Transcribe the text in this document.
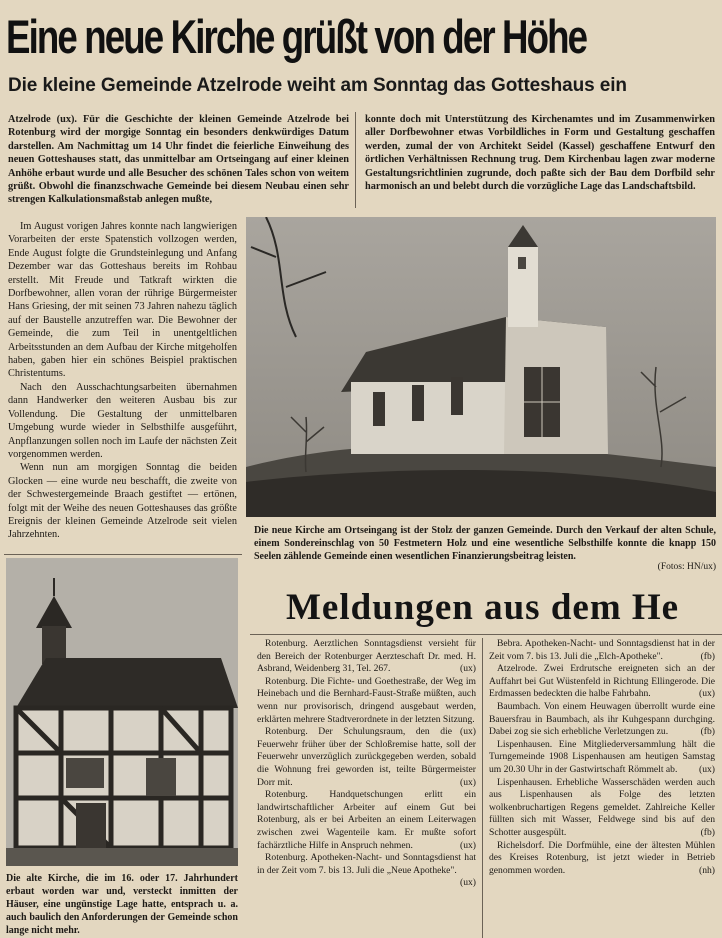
Eine neue Kirche grüßt von der Höhe
Die kleine Gemeinde Atzelrode weiht am Sonntag das Gotteshaus ein

Atzelrode (ux). Für die Geschichte der kleinen Gemeinde Atzelrode bei Rotenburg wird der morgige Sonntag ein besonders denkwürdiges Datum darstellen. Am Nachmittag um 14 Uhr findet die feierliche Einweihung des neuen Gotteshauses statt, das unmittelbar am Ortseingang auf einer kleinen Anhöhe erbaut wurde und alle Besucher des schönen Tales schon von weitem grüßt. Obwohl die finanzschwache Gemeinde bei diesem Neubau einen sehr strengen Kalkulationsmaßstab anlegen mußte,

konnte doch mit Unterstützung des Kirchenamtes und im Zusammenwirken aller Dorfbewohner etwas Vorbildliches in Form und Gestaltung geschaffen werden, zumal der von Architekt Seidel (Kassel) geschaffene Entwurf den örtlichen Verhältnissen Rechnung trug. Dem Kirchenbau lagen zwar moderne Gestaltungsrichtlinien zugrunde, doch paßte sich der Bau dem Dorfbild sehr harmonisch an und belebt durch die vorzügliche Lage das Landschaftsbild.

Im August vorigen Jahres konnte nach langwierigen Vorarbeiten der erste Spatenstich vollzogen werden, Ende August folgte die Grundsteinlegung und Anfang Dezember war das Gotteshaus bereits im Rohbau erstellt. Mit Freude und Tatkraft wirkten die Dorfbewohner, allen voran der rührige Bürgermeister Hans Griesing, der mit seinen 73 Jahren nahezu täglich auf der Baustelle anzutreffen war. Die Bewohner der Gemeinde, die zum Teil in unentgeltlichen Arbeitsstunden an dem Aufbau der Kirche mitgeholfen haben, gaben hier ein schönes Beispiel praktischen Christentums.

Nach den Ausschachtungsarbeiten übernahmen dann Handwerker den weiteren Ausbau bis zur Vollendung. Die Gestaltung der unmittelbaren Umgebung wurde wieder in Selbsthilfe ausgeführt, Anpflanzungen sollen noch im Laufe der nächsten Zeit vorgenommen werden.

Wenn nun am morgigen Sonntag die beiden Glocken — eine wurde neu beschafft, die zweite von der Schwestergemeinde Braach gestiftet — ertönen, folgt mit der Weihe des neuen Gotteshauses das größte Ereignis der kleinen Gemeinde Atzelrode seit vielen Jahrzehnten.	Die neue Kirche am Ortseingang ist der Stolz der ganzen Gemeinde. Durch den Verkauf der alten Schule, einem Sondereinschlag von 50 Festmetern Holz und eine wesentliche Selbsthilfe konnte die knapp 150 Seelen zählende Gemeinde einen wesentlichen Finanzierungsbeitrag leisten.
(Fotos: HN/ux)
Die alte Kirche, die im 16. oder 17. Jahrhundert erbaut worden war und, versteckt inmitten der Häuser, eine ungünstige Lage hatte, entsprach u. a. auch baulich den Anforderungen der Gemeinde schon lange nicht mehr.
Meldungen aus dem He

Rotenburg. Aerztlichen Sonntagsdienst versieht für den Bereich der Rotenburger Aerzteschaft Dr. med. H. Asbrand, Weidenberg 31, Tel. 267.	(ux)

Rotenburg. Die Fichte- und Goethestraße, der Weg im Heinebach und die Bernhard-Faust-Straße müßten, auch wenn nur provisorisch, dringend ausgebaut werden, erklärten mehrere Stadtverordnete in der letzten Sitzung.
(ux)

Rotenburg. Der Schulungsraum, den die Feuerwehr früher über der Schloßremise hatte, soll der Feuerwehr unverzüglich zurückgegeben werden, sobald die Wohnung frei geworden ist, teilte Bürgermeister Dorr mit.	(ux)

Rotenburg. Handquetschungen erlitt ein landwirtschaftlicher Arbeiter auf einem Gut bei Rotenburg, als er bei Arbeiten an einem Leiterwagen zwischen zwei Wagenteile kam. Er mußte sofort fachärztliche Hilfe in Anspruch nehmen.	(ux)

Rotenburg. Apotheken-Nacht- und Sonntagsdienst hat in der Zeit vom 7. bis 13. Juli die „Neue Apotheke".
(ux)

Bebra. Apotheken-Nacht- und Sonntagsdienst hat in der Zeit vom 7. bis 13. Juli die „Elch-Apotheke".	(fb)

Atzelrode. Zwei Erdrutsche ereigneten sich an der Auffahrt bei Gut Wüstenfeld in Richtung Ellingerode. Die Erdmassen bedeckten die halbe Fahrbahn.	(ux)

Baumbach. Von einem Heuwagen überrollt wurde eine Bauersfrau in Baumbach, als ihr Kuhgespann durchging. Dabei zog sie sich erhebliche Verletzungen zu.	(fb)

Lispenhausen. Eine Mitgliederversammlung hält die Turngemeinde 1908 Lispenhausen am heutigen Samstag um 20.30 Uhr in der Gastwirtschaft Römmelt ab.	(ux)

Lispenhausen. Erhebliche Wasserschäden werden auch aus Lispenhausen als Folge des letzten wolkenbruchartigen Regens gemeldet. Zahlreiche Keller füllten sich mit Wasser, Feldwege sind bis auf den Schotter ausgespült.	(fb)

Richelsdorf. Die Dorfmühle, eine der ältesten Mühlen des Kreises Rotenburg, ist jetzt wieder in Betrieb genommen worden.	(nh)
